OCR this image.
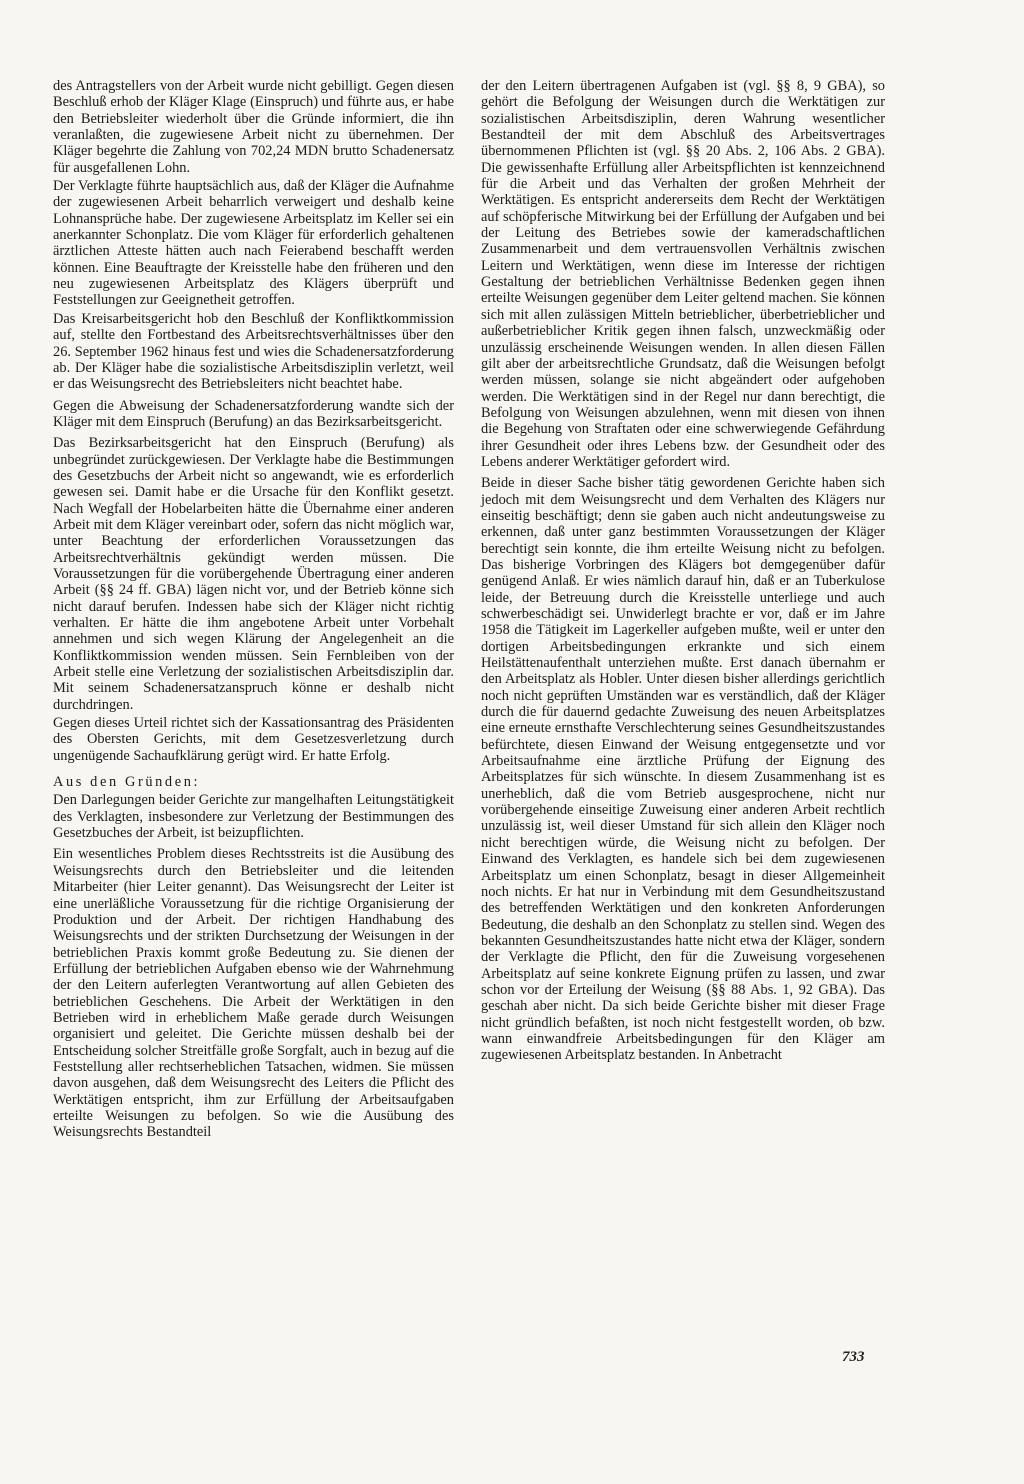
des Antragstellers von der Arbeit wurde nicht gebilligt. Gegen diesen Beschluß erhob der Kläger Klage (Einspruch) und führte aus, er habe den Betriebsleiter wiederholt über die Gründe informiert, die ihn veranlaßten, die zugewiesene Arbeit nicht zu übernehmen. Der Kläger begehrte die Zahlung von 702,24 MDN brutto Schadenersatz für ausgefallenen Lohn.

Der Verklagte führte hauptsächlich aus, daß der Kläger die Aufnahme der zugewiesenen Arbeit beharrlich verweigert und deshalb keine Lohnansprüche habe. Der zugewiesene Arbeitsplatz im Keller sei ein anerkannter Schonplatz. Die vom Kläger für erforderlich gehaltenen ärztlichen Atteste hätten auch nach Feierabend beschafft werden können. Eine Beauftragte der Kreisstelle habe den früheren und den neu zugewiesenen Arbeitsplatz des Klägers überprüft und Feststellungen zur Geeignetheit getroffen.

Das Kreisarbeitsgericht hob den Beschluß der Konfliktkommission auf, stellte den Fortbestand des Arbeitsrechtsverhältnisses über den 26. September 1962 hinaus fest und wies die Schadenersatzforderung ab. Der Kläger habe die sozialistische Arbeitsdisziplin verletzt, weil er das Weisungsrecht des Betriebsleiters nicht beachtet habe.

Gegen die Abweisung der Schadenersatzforderung wandte sich der Kläger mit dem Einspruch (Berufung) an das Bezirksarbeitsgericht.

Das Bezirksarbeitsgericht hat den Einspruch (Berufung) als unbegründet zurückgewiesen. Der Verklagte habe die Bestimmungen des Gesetzbuchs der Arbeit nicht so angewandt, wie es erforderlich gewesen sei. Damit habe er die Ursache für den Konflikt gesetzt. Nach Wegfall der Hobelarbeiten hätte die Übernahme einer anderen Arbeit mit dem Kläger vereinbart oder, sofern das nicht möglich war, unter Beachtung der erforderlichen Voraussetzungen das Arbeitsrechtverhältnis gekündigt werden müssen. Die Voraussetzungen für die vorübergehende Übertragung einer anderen Arbeit (§§ 24 ff. GBA) lägen nicht vor, und der Betrieb könne sich nicht darauf berufen. Indessen habe sich der Kläger nicht richtig verhalten. Er hätte die ihm angebotene Arbeit unter Vorbehalt annehmen und sich wegen Klärung der Angelegenheit an die Konfliktkommission wenden müssen. Sein Fernbleiben von der Arbeit stelle eine Verletzung der sozialistischen Arbeitsdisziplin dar. Mit seinem Schadenersatzanspruch könne er deshalb nicht durchdringen.

Gegen dieses Urteil richtet sich der Kassationsantrag des Präsidenten des Obersten Gerichts, mit dem Gesetzesverletzung durch ungenügende Sachaufklärung gerügt wird. Er hatte Erfolg.

Aus den Gründen:

Den Darlegungen beider Gerichte zur mangelhaften Leitungstätigkeit des Verklagten, insbesondere zur Verletzung der Bestimmungen des Gesetzbuches der Arbeit, ist beizupflichten.

Ein wesentliches Problem dieses Rechtsstreits ist die Ausübung des Weisungsrechts durch den Betriebsleiter und die leitenden Mitarbeiter (hier Leiter genannt). Das Weisungsrecht der Leiter ist eine unerläßliche Voraussetzung für die richtige Organisierung der Produktion und der Arbeit. Der richtigen Handhabung des Weisungsrechts und der strikten Durchsetzung der Weisungen in der betrieblichen Praxis kommt große Bedeutung zu. Sie dienen der Erfüllung der betrieblichen Aufgaben ebenso wie der Wahrnehmung der den Leitern auferlegten Verantwortung auf allen Gebieten des betrieblichen Geschehens. Die Arbeit der Werktätigen in den Betrieben wird in erheblichem Maße gerade durch Weisungen organisiert und geleitet. Die Gerichte müssen deshalb bei der Entscheidung solcher Streitfälle große Sorgfalt, auch in bezug auf die Feststellung aller rechtserheblichen Tatsachen, widmen. Sie müssen davon ausgehen, daß dem Weisungsrecht des Leiters die Pflicht des Werktätigen entspricht, ihm zur Erfüllung der Arbeitsaufgaben erteilte Weisungen zu befolgen. So wie die Ausübung des Weisungsrechts Bestandteil

der den Leitern übertragenen Aufgaben ist (vgl. §§ 8, 9 GBA), so gehört die Befolgung der Weisungen durch die Werktätigen zur sozialistischen Arbeitsdisziplin, deren Wahrung wesentlicher Bestandteil der mit dem Abschluß des Arbeitsvertrages übernommenen Pflichten ist (vgl. §§ 20 Abs. 2, 106 Abs. 2 GBA). Die gewissenhafte Erfüllung aller Arbeitspflichten ist kennzeichnend für die Arbeit und das Verhalten der großen Mehrheit der Werktätigen. Es entspricht andererseits dem Recht der Werktätigen auf schöpferische Mitwirkung bei der Erfüllung der Aufgaben und bei der Leitung des Betriebes sowie der kameradschaftlichen Zusammenarbeit und dem vertrauensvollen Verhältnis zwischen Leitern und Werktätigen, wenn diese im Interesse der richtigen Gestaltung der betrieblichen Verhältnisse Bedenken gegen ihnen erteilte Weisungen gegenüber dem Leiter geltend machen. Sie können sich mit allen zulässigen Mitteln betrieblicher, überbetrieblicher und außerbetrieblicher Kritik gegen ihnen falsch, unzweckmäßig oder unzulässig erscheinende Weisungen wenden. In allen diesen Fällen gilt aber der arbeitsrechtliche Grundsatz, daß die Weisungen befolgt werden müssen, solange sie nicht abgeändert oder aufgehoben werden. Die Werktätigen sind in der Regel nur dann berechtigt, die Befolgung von Weisungen abzulehnen, wenn mit diesen von ihnen die Begehung von Straftaten oder eine schwerwiegende Gefährdung ihrer Gesundheit oder ihres Lebens bzw. der Gesundheit oder des Lebens anderer Werktätiger gefordert wird.

Beide in dieser Sache bisher tätig gewordenen Gerichte haben sich jedoch mit dem Weisungsrecht und dem Verhalten des Klägers nur einseitig beschäftigt; denn sie gaben auch nicht andeutungsweise zu erkennen, daß unter ganz bestimmten Voraussetzungen der Kläger berechtigt sein konnte, die ihm erteilte Weisung nicht zu befolgen. Das bisherige Vorbringen des Klägers bot demgegenüber dafür genügend Anlaß. Er wies nämlich darauf hin, daß er an Tuberkulose leide, der Betreuung durch die Kreisstelle unterliege und auch schwerbeschädigt sei. Unwiderlegt brachte er vor, daß er im Jahre 1958 die Tätigkeit im Lagerkeller aufgeben mußte, weil er unter den dortigen Arbeitsbedingungen erkrankte und sich einem Heilstättenaufenthalt unterziehen mußte. Erst danach übernahm er den Arbeitsplatz als Hobler. Unter diesen bisher allerdings gerichtlich noch nicht geprüften Umständen war es verständlich, daß der Kläger durch die für dauernd gedachte Zuweisung des neuen Arbeitsplatzes eine erneute ernsthafte Verschlechterung seines Gesundheitszustandes befürchtete, diesen Einwand der Weisung entgegensetzte und vor Arbeitsaufnahme eine ärztliche Prüfung der Eignung des Arbeitsplatzes für sich wünschte. In diesem Zusammenhang ist es unerheblich, daß die vom Betrieb ausgesprochene, nicht nur vorübergehende einseitige Zuweisung einer anderen Arbeit rechtlich unzulässig ist, weil dieser Umstand für sich allein den Kläger noch nicht berechtigen würde, die Weisung nicht zu befolgen. Der Einwand des Verklagten, es handele sich bei dem zugewiesenen Arbeitsplatz um einen Schonplatz, besagt in dieser Allgemeinheit noch nichts. Er hat nur in Verbindung mit dem Gesundheitszustand des betreffenden Werktätigen und den konkreten Anforderungen Bedeutung, die deshalb an den Schonplatz zu stellen sind. Wegen des bekannten Gesundheitszustandes hatte nicht etwa der Kläger, sondern der Verklagte die Pflicht, den für die Zuweisung vorgesehenen Arbeitsplatz auf seine konkrete Eignung prüfen zu lassen, und zwar schon vor der Erteilung der Weisung (§§ 88 Abs. 1, 92 GBA). Das geschah aber nicht. Da sich beide Gerichte bisher mit dieser Frage nicht gründlich befaßten, ist noch nicht festgestellt worden, ob bzw. wann einwandfreie Arbeitsbedingungen für den Kläger am zugewiesenen Arbeitsplatz bestanden. In Anbetracht

733
